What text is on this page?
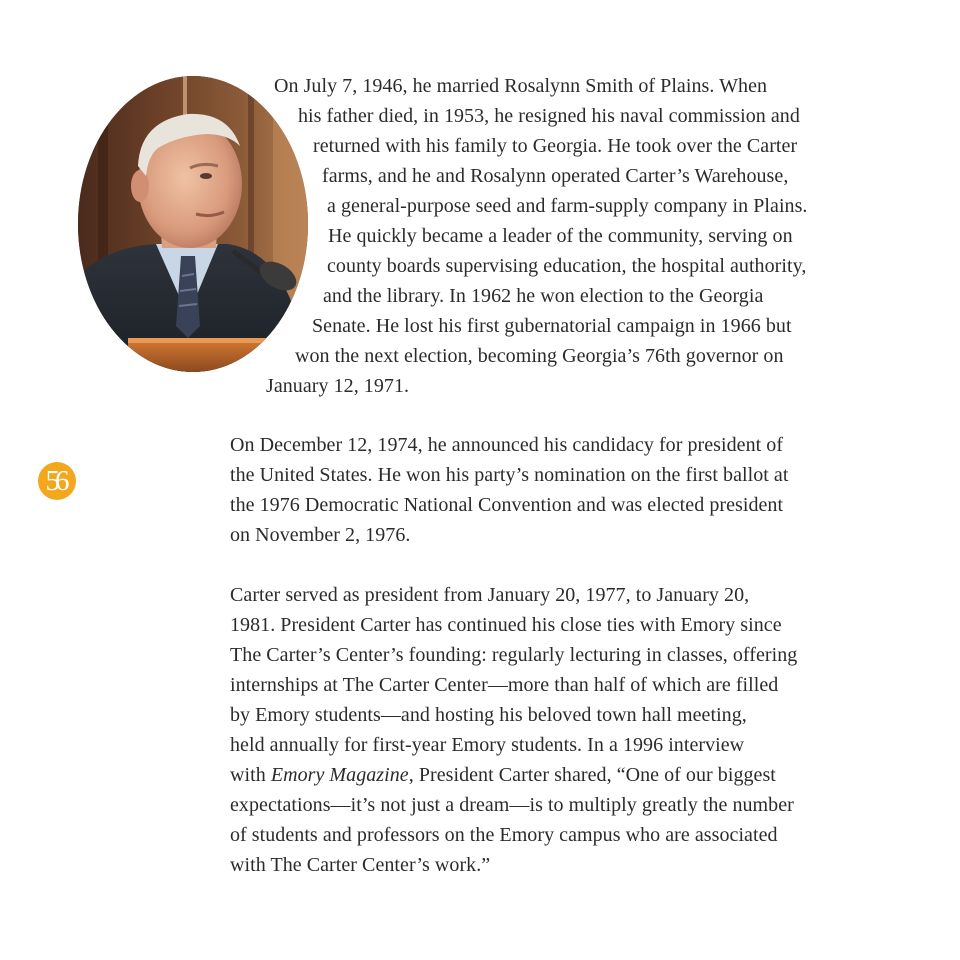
On July 7, 1946, he married Rosalynn Smith of Plains. When
his father died, in 1953, he resigned his naval commission and
returned with his family to Georgia. He took over the Carter
farms, and he and Rosalynn operated Carter’s Warehouse,
a general-purpose seed and farm-supply company in Plains.
He quickly became a leader of the community, serving on
county boards supervising education, the hospital authority,
and the library. In 1962 he won election to the Georgia
Senate. He lost his first gubernatorial campaign in 1966 but
won the next election, becoming Georgia’s 76th governor on
January 12, 1971.
56
On December 12, 1974, he announced his candidacy for president of
the United States. He won his party’s nomination on the first ballot at
the 1976 Democratic National Convention and was elected president
on November 2, 1976.
Carter served as president from January 20, 1977, to January 20,
1981. President Carter has continued his close ties with Emory since
The Carter’s Center’s founding: regularly lecturing in classes, offering
internships at The Carter Center—more than half of which are filled
by Emory students—and hosting his beloved town hall meeting,
held annually for first-year Emory students. In a 1996 interview
with Emory Magazine, President Carter shared, “One of our biggest
expectations—it’s not just a dream—is to multiply greatly the number
of students and professors on the Emory campus who are associated
with The Carter Center’s work.”
